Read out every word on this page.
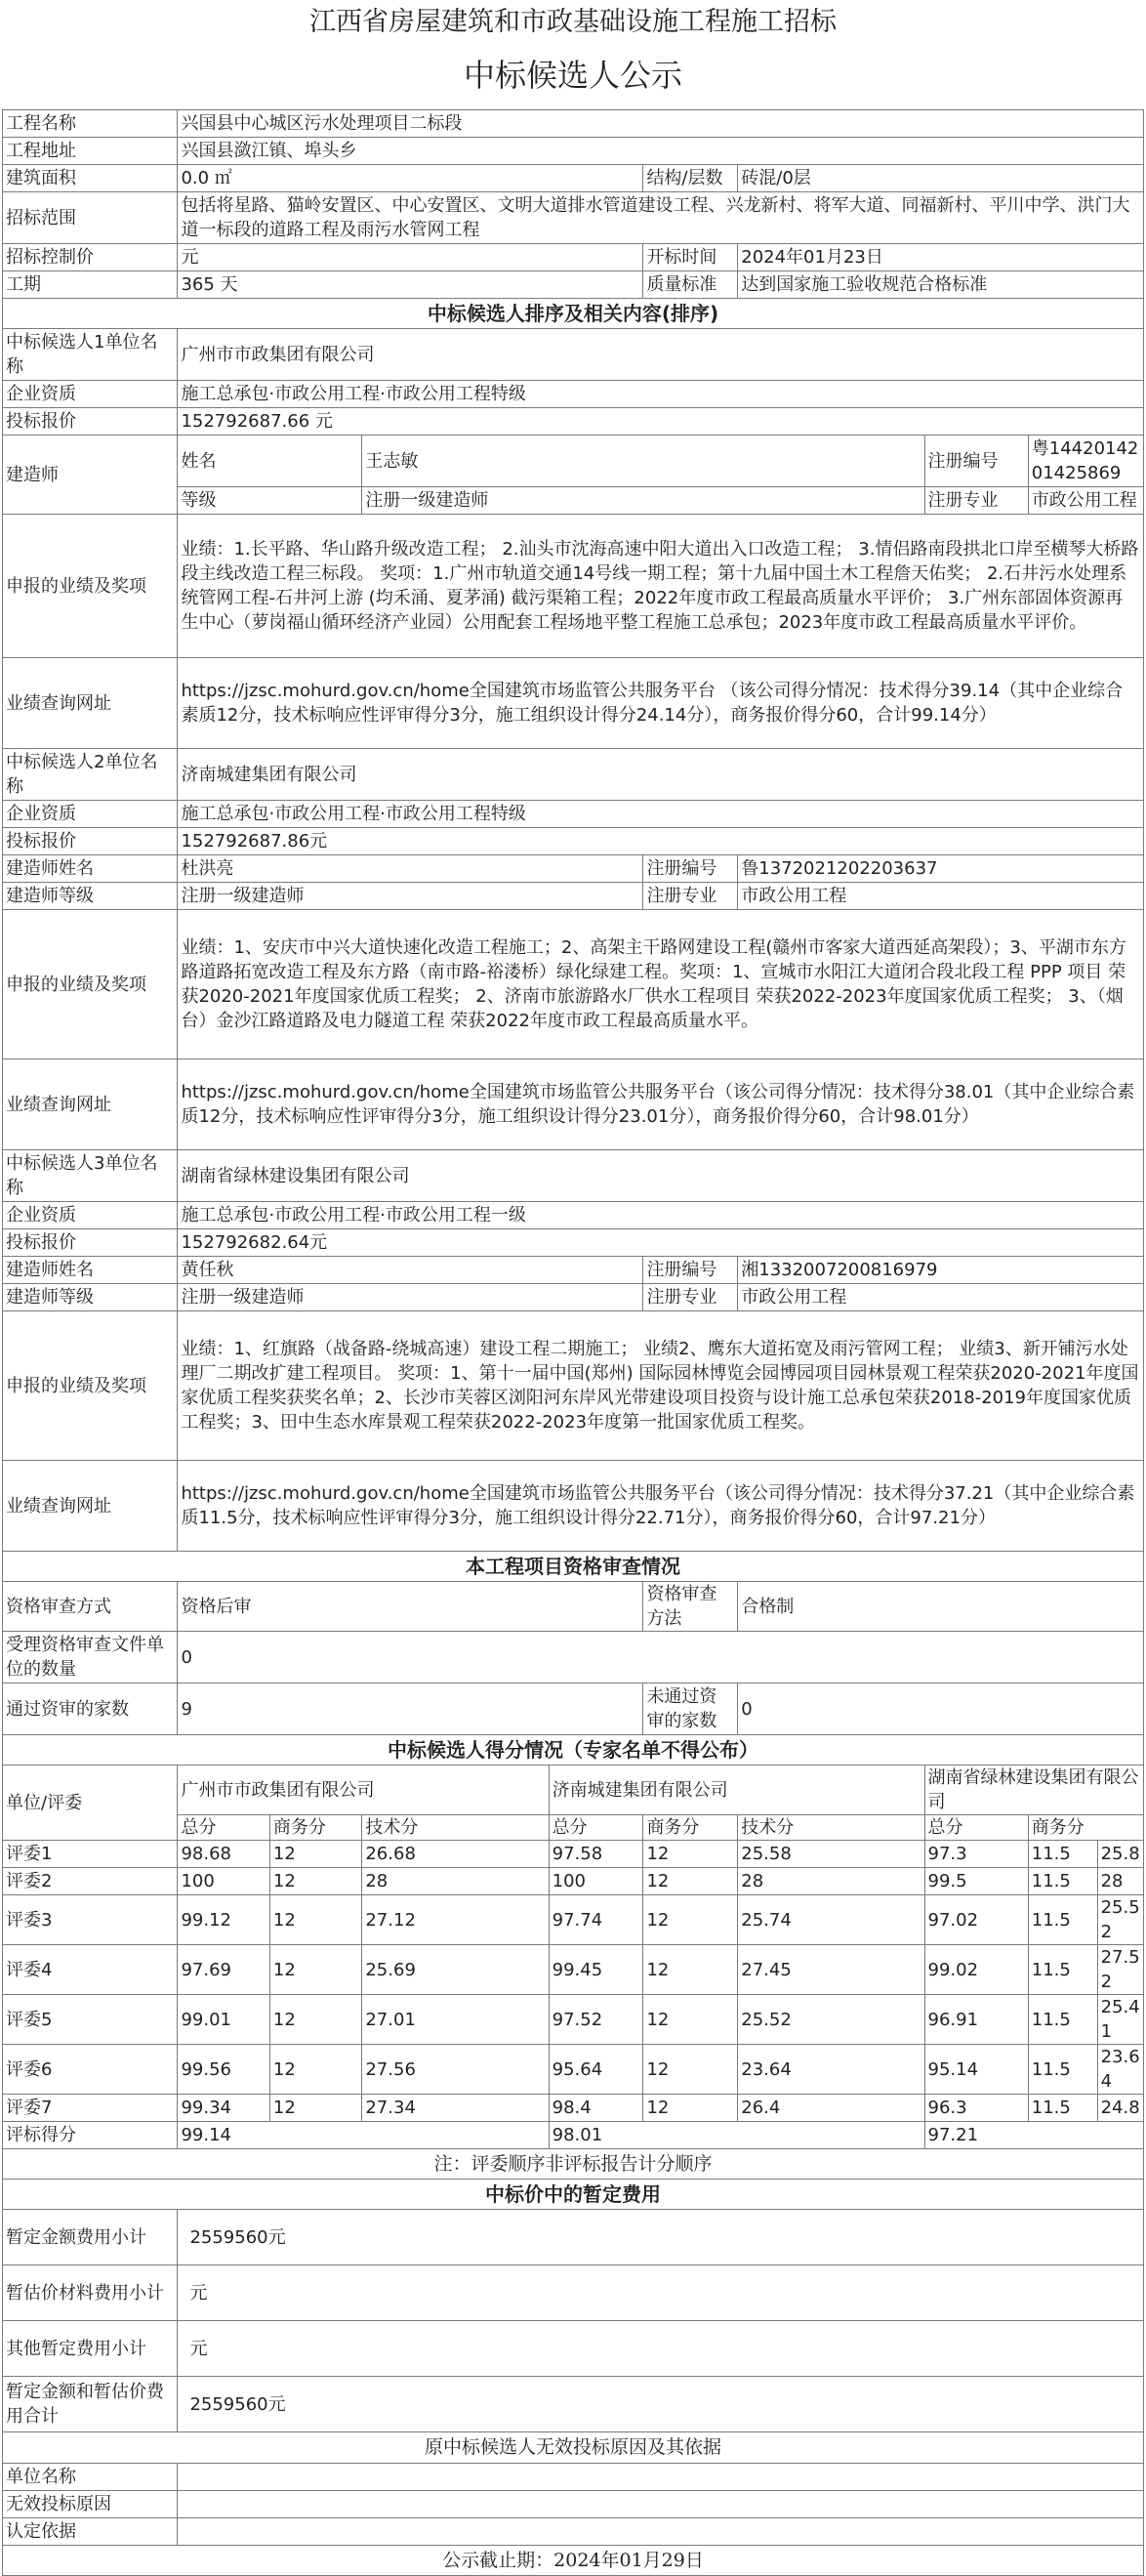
江西省房屋建筑和市政基础设施工程施工招标
中标候选人公示
工程名称	兴国县中心城区污水处理项目二标段								
工程地址	兴国县潋江镇、埠头乡								
建筑面积	0.0 ㎡				结构/层数	砖混/0层			
招标范围	包括将星路、猫岭安置区、中心安置区、文明大道排水管道建设工程、兴龙新村、将军大道、同福新村、平川中学、洪门大道一标段的道路工程及雨污水管网工程								
招标控制价	元				开标时间	2024年01月23日			
工期	365 天				质量标准	达到国家施工验收规范合格标准			
中标候选人排序及相关内容(排序)									
中标候选人1单位名称	广州市市政集团有限公司								
企业资质	施工总承包·市政公用工程·市政公用工程特级								
投标报价	152792687.66 元								
建造师	姓名		王志敏				注册编号	粤1442014201425869	
	等级		注册一级建造师				注册专业	市政公用工程	
申报的业绩及奖项	业绩：1.长平路、华山路升级改造工程； 2.汕头市沈海高速中阳大道出入口改造工程； 3.情侣路南段拱北口岸至横琴大桥路段主线改造工程三标段。 奖项：1.广州市轨道交通14号线一期工程；第十九届中国土木工程詹天佑奖； 2.石井污水处理系统管网工程-石井河上游 (均禾涌、夏茅涌) 截污渠箱工程；2022年度市政工程最高质量水平评价； 3.广州东部固体资源再生中心（萝岗福山循环经济产业园）公用配套工程场地平整工程施工总承包；2023年度市政工程最高质量水平评价。								
业绩查询网址	https://jzsc.mohurd.gov.cn/home全国建筑市场监管公共服务平台 （该公司得分情况：技术得分39.14（其中企业综合素质12分，技术标响应性评审得分3分，施工组织设计得分24.14分），商务报价得分60，合计99.14分）								
中标候选人2单位名称	济南城建集团有限公司								
企业资质	施工总承包·市政公用工程·市政公用工程特级								
投标报价	152792687.86元								
建造师姓名	杜洪亮				注册编号	鲁1372021202203637			
建造师等级	注册一级建造师				注册专业	市政公用工程			
申报的业绩及奖项	业绩：1、安庆市中兴大道快速化改造工程施工；2、高架主干路网建设工程(赣州市客家大道西延高架段）；3、平湖市东方路道路拓宽改造工程及东方路（南市路-裕溇桥）绿化绿建工程。奖项：1、宣城市水阳江大道闭合段北段工程 PPP 项目 荣获2020-2021年度国家优质工程奖； 2、济南市旅游路水厂供水工程项目 荣获2022-2023年度国家优质工程奖； 3、（烟台）金沙江路道路及电力隧道工程 荣获2022年度市政工程最高质量水平。								
业绩查询网址	https://jzsc.mohurd.gov.cn/home全国建筑市场监管公共服务平台（该公司得分情况：技术得分38.01（其中企业综合素质12分，技术标响应性评审得分3分，施工组织设计得分23.01分），商务报价得分60，合计98.01分）								
中标候选人3单位名称	湖南省绿林建设集团有限公司								
企业资质	施工总承包·市政公用工程·市政公用工程一级								
投标报价	152792682.64元								
建造师姓名	黄任秋				注册编号	湘1332007200816979			
建造师等级	注册一级建造师				注册专业	市政公用工程			
申报的业绩及奖项	业绩：1、红旗路（战备路-绕城高速）建设工程二期施工； 业绩2、鹰东大道拓宽及雨污管网工程； 业绩3、新开铺污水处理厂二期改扩建工程项目。 奖项：1、第十一届中国(郑州) 国际园林博览会园博园项目园林景观工程荣获2020-2021年度国家优质工程奖获奖名单；2、长沙市芙蓉区浏阳河东岸风光带建设项目投资与设计施工总承包荣获2018-2019年度国家优质工程奖；3、田中生态水库景观工程荣获2022-2023年度第一批国家优质工程奖。								
业绩查询网址	https://jzsc.mohurd.gov.cn/home全国建筑市场监管公共服务平台（该公司得分情况：技术得分37.21（其中企业综合素质11.5分，技术标响应性评审得分3分，施工组织设计得分22.71分），商务报价得分60，合计97.21分）								
本工程项目资格审查情况									
资格审查方式	资格后审				资格审查方法	合格制			
受理资格审查文件单位的数量	0								
通过资审的家数	9				未通过资审的家数	0			
中标候选人得分情况（专家名单不得公布）									
单位/评委	广州市市政集团有限公司			济南城建集团有限公司			湖南省绿林建设集团有限公司		
	总分	商务分	技术分	总分	商务分	技术分	总分	商务分
评委1	98.68	12	26.68	97.58	12	25.58	97.3	11.5	25.8
评委2	100	12	28	100	12	28	99.5	11.5	28
评委3	99.12	12	27.12	97.74	12	25.74	97.02	11.5	25.52
评委4	97.69	12	25.69	99.45	12	27.45	99.02	11.5	27.52
评委5	99.01	12	27.01	97.52	12	25.52	96.91	11.5	25.41
评委6	99.56	12	27.56	95.64	12	23.64	95.14	11.5	23.64
评委7	99.34	12	27.34	98.4	12	26.4	96.3	11.5	24.8
评标得分	99.14			98.01			97.21		
注：评委顺序非评标报告计分顺序									
中标价中的暂定费用									
暂定金额费用小计	2559560元								
暂估价材料费用小计	元								
其他暂定费用小计	元								
暂定金额和暂估价费用合计	2559560元								
原中标候选人无效投标原因及其依据									
单位名称									
无效投标原因									
认定依据									
公示截止期：2024年01月29日									
